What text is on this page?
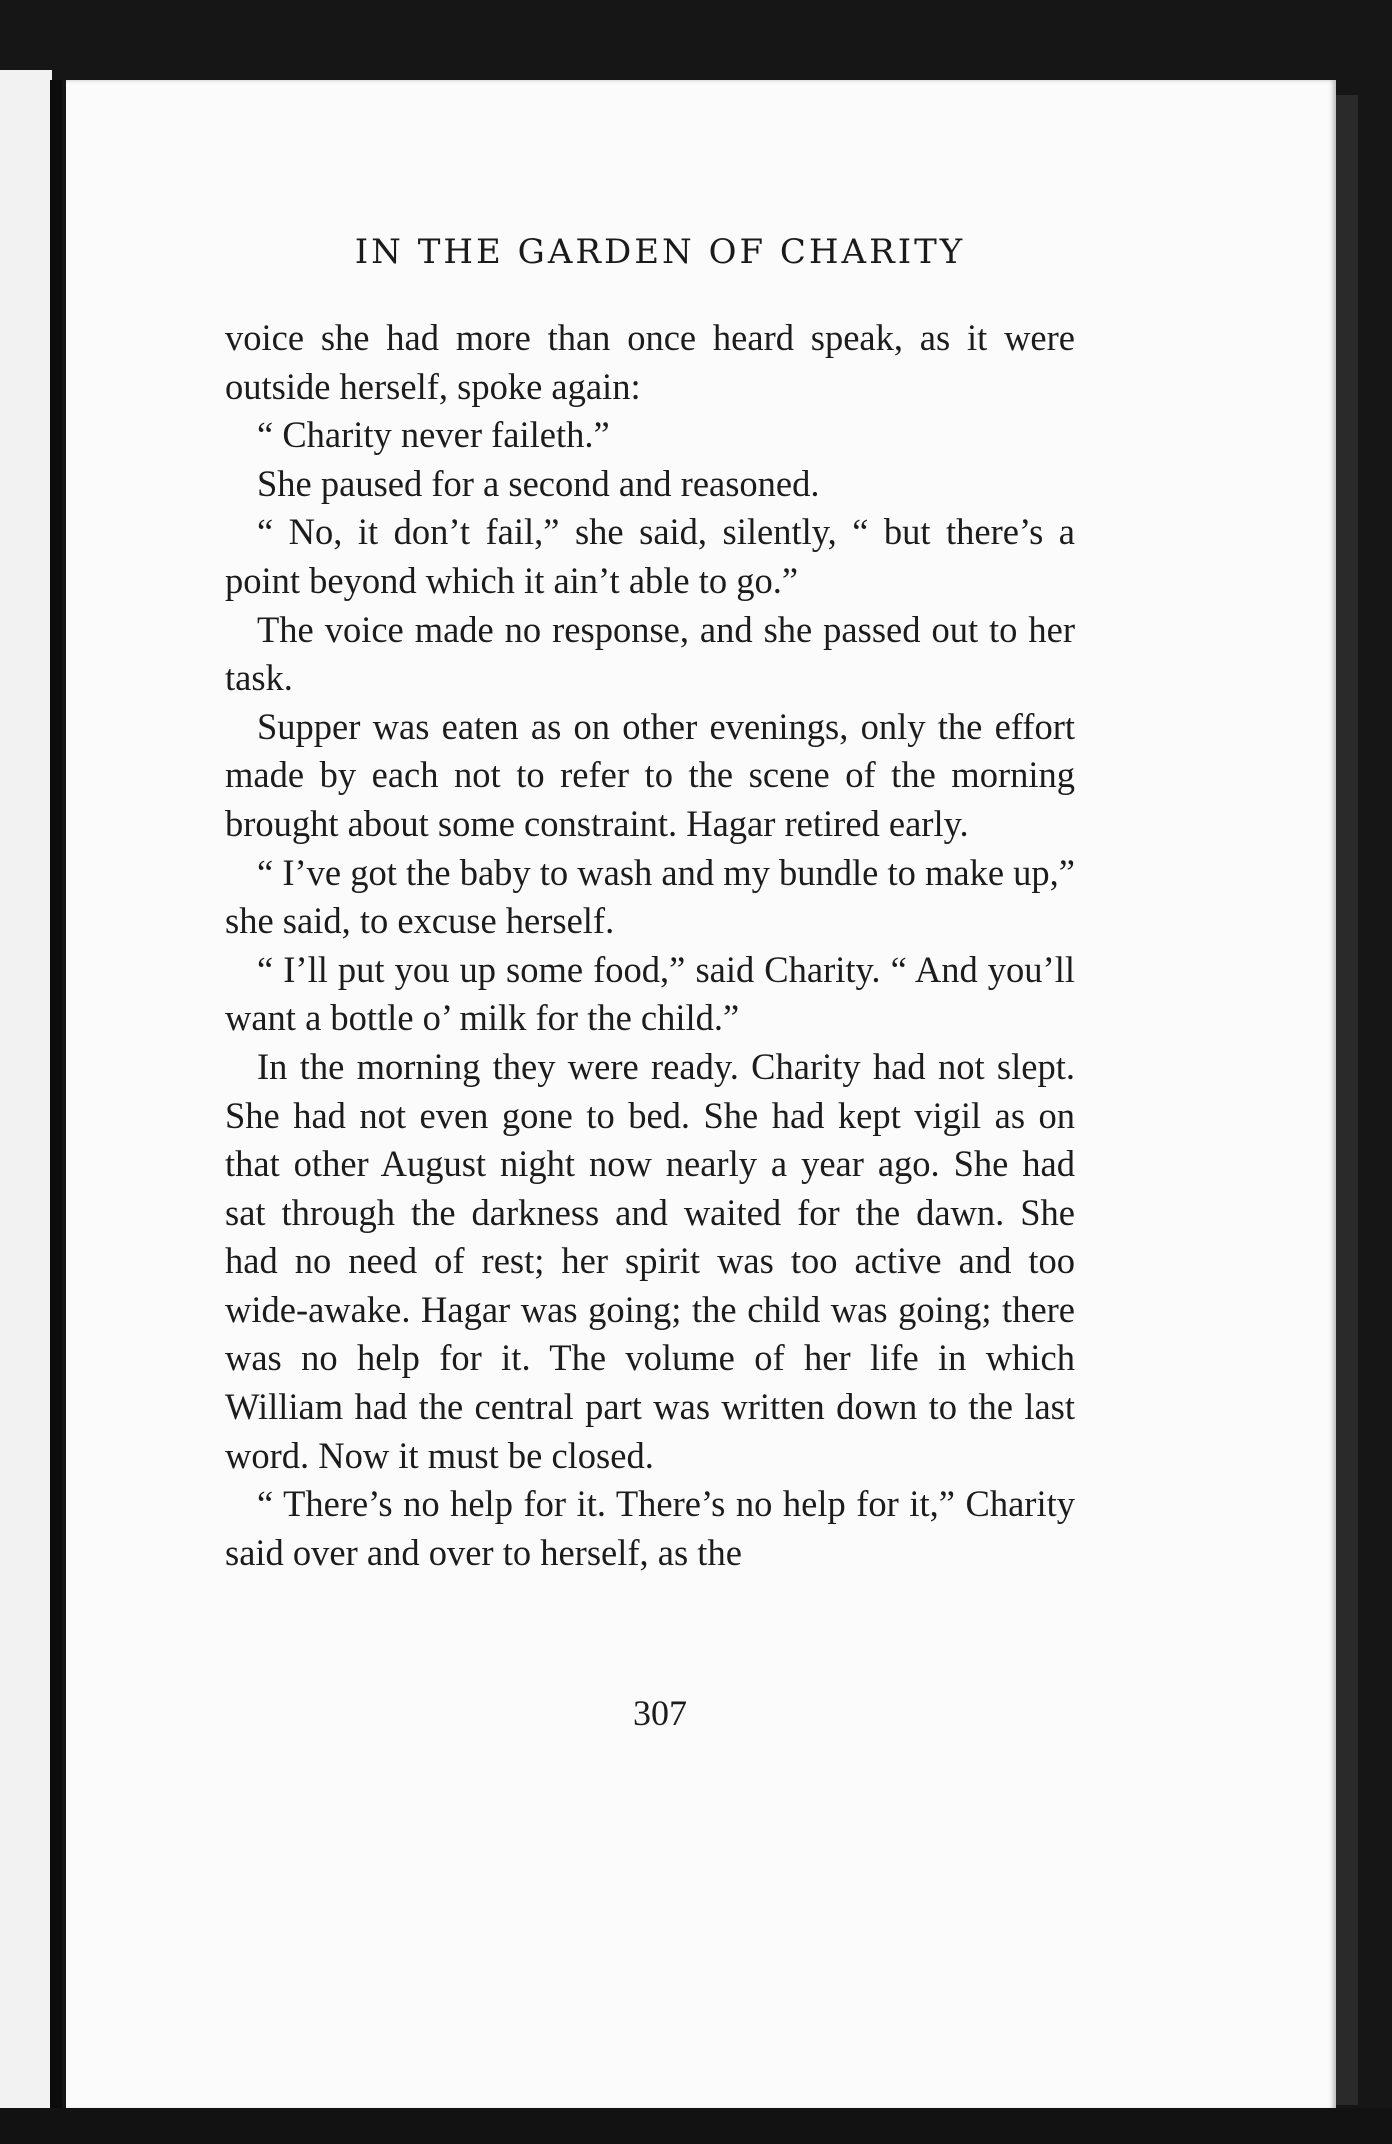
IN THE GARDEN OF CHARITY

voice she had more than once heard speak, as it were outside herself, spoke again:

“ Charity never faileth.”

She paused for a second and reasoned.

“ No, it don’t fail,” she said, silently, “ but there’s a point beyond which it ain’t able to go.”

The voice made no response, and she passed out to her task.

Supper was eaten as on other evenings, only the effort made by each not to refer to the scene of the morning brought about some constraint. Hagar retired early.

“ I’ve got the baby to wash and my bundle to make up,” she said, to excuse herself.

“ I’ll put you up some food,” said Charity. “ And you’ll want a bottle o’ milk for the child.”

In the morning they were ready. Charity had not slept. She had not even gone to bed. She had kept vigil as on that other August night now nearly a year ago. She had sat through the darkness and waited for the dawn. She had no need of rest; her spirit was too active and too wide-awake. Hagar was going; the child was going; there was no help for it. The volume of her life in which William had the central part was written down to the last word. Now it must be closed.

“ There’s no help for it. There’s no help for it,” Charity said over and over to herself, as the

307
